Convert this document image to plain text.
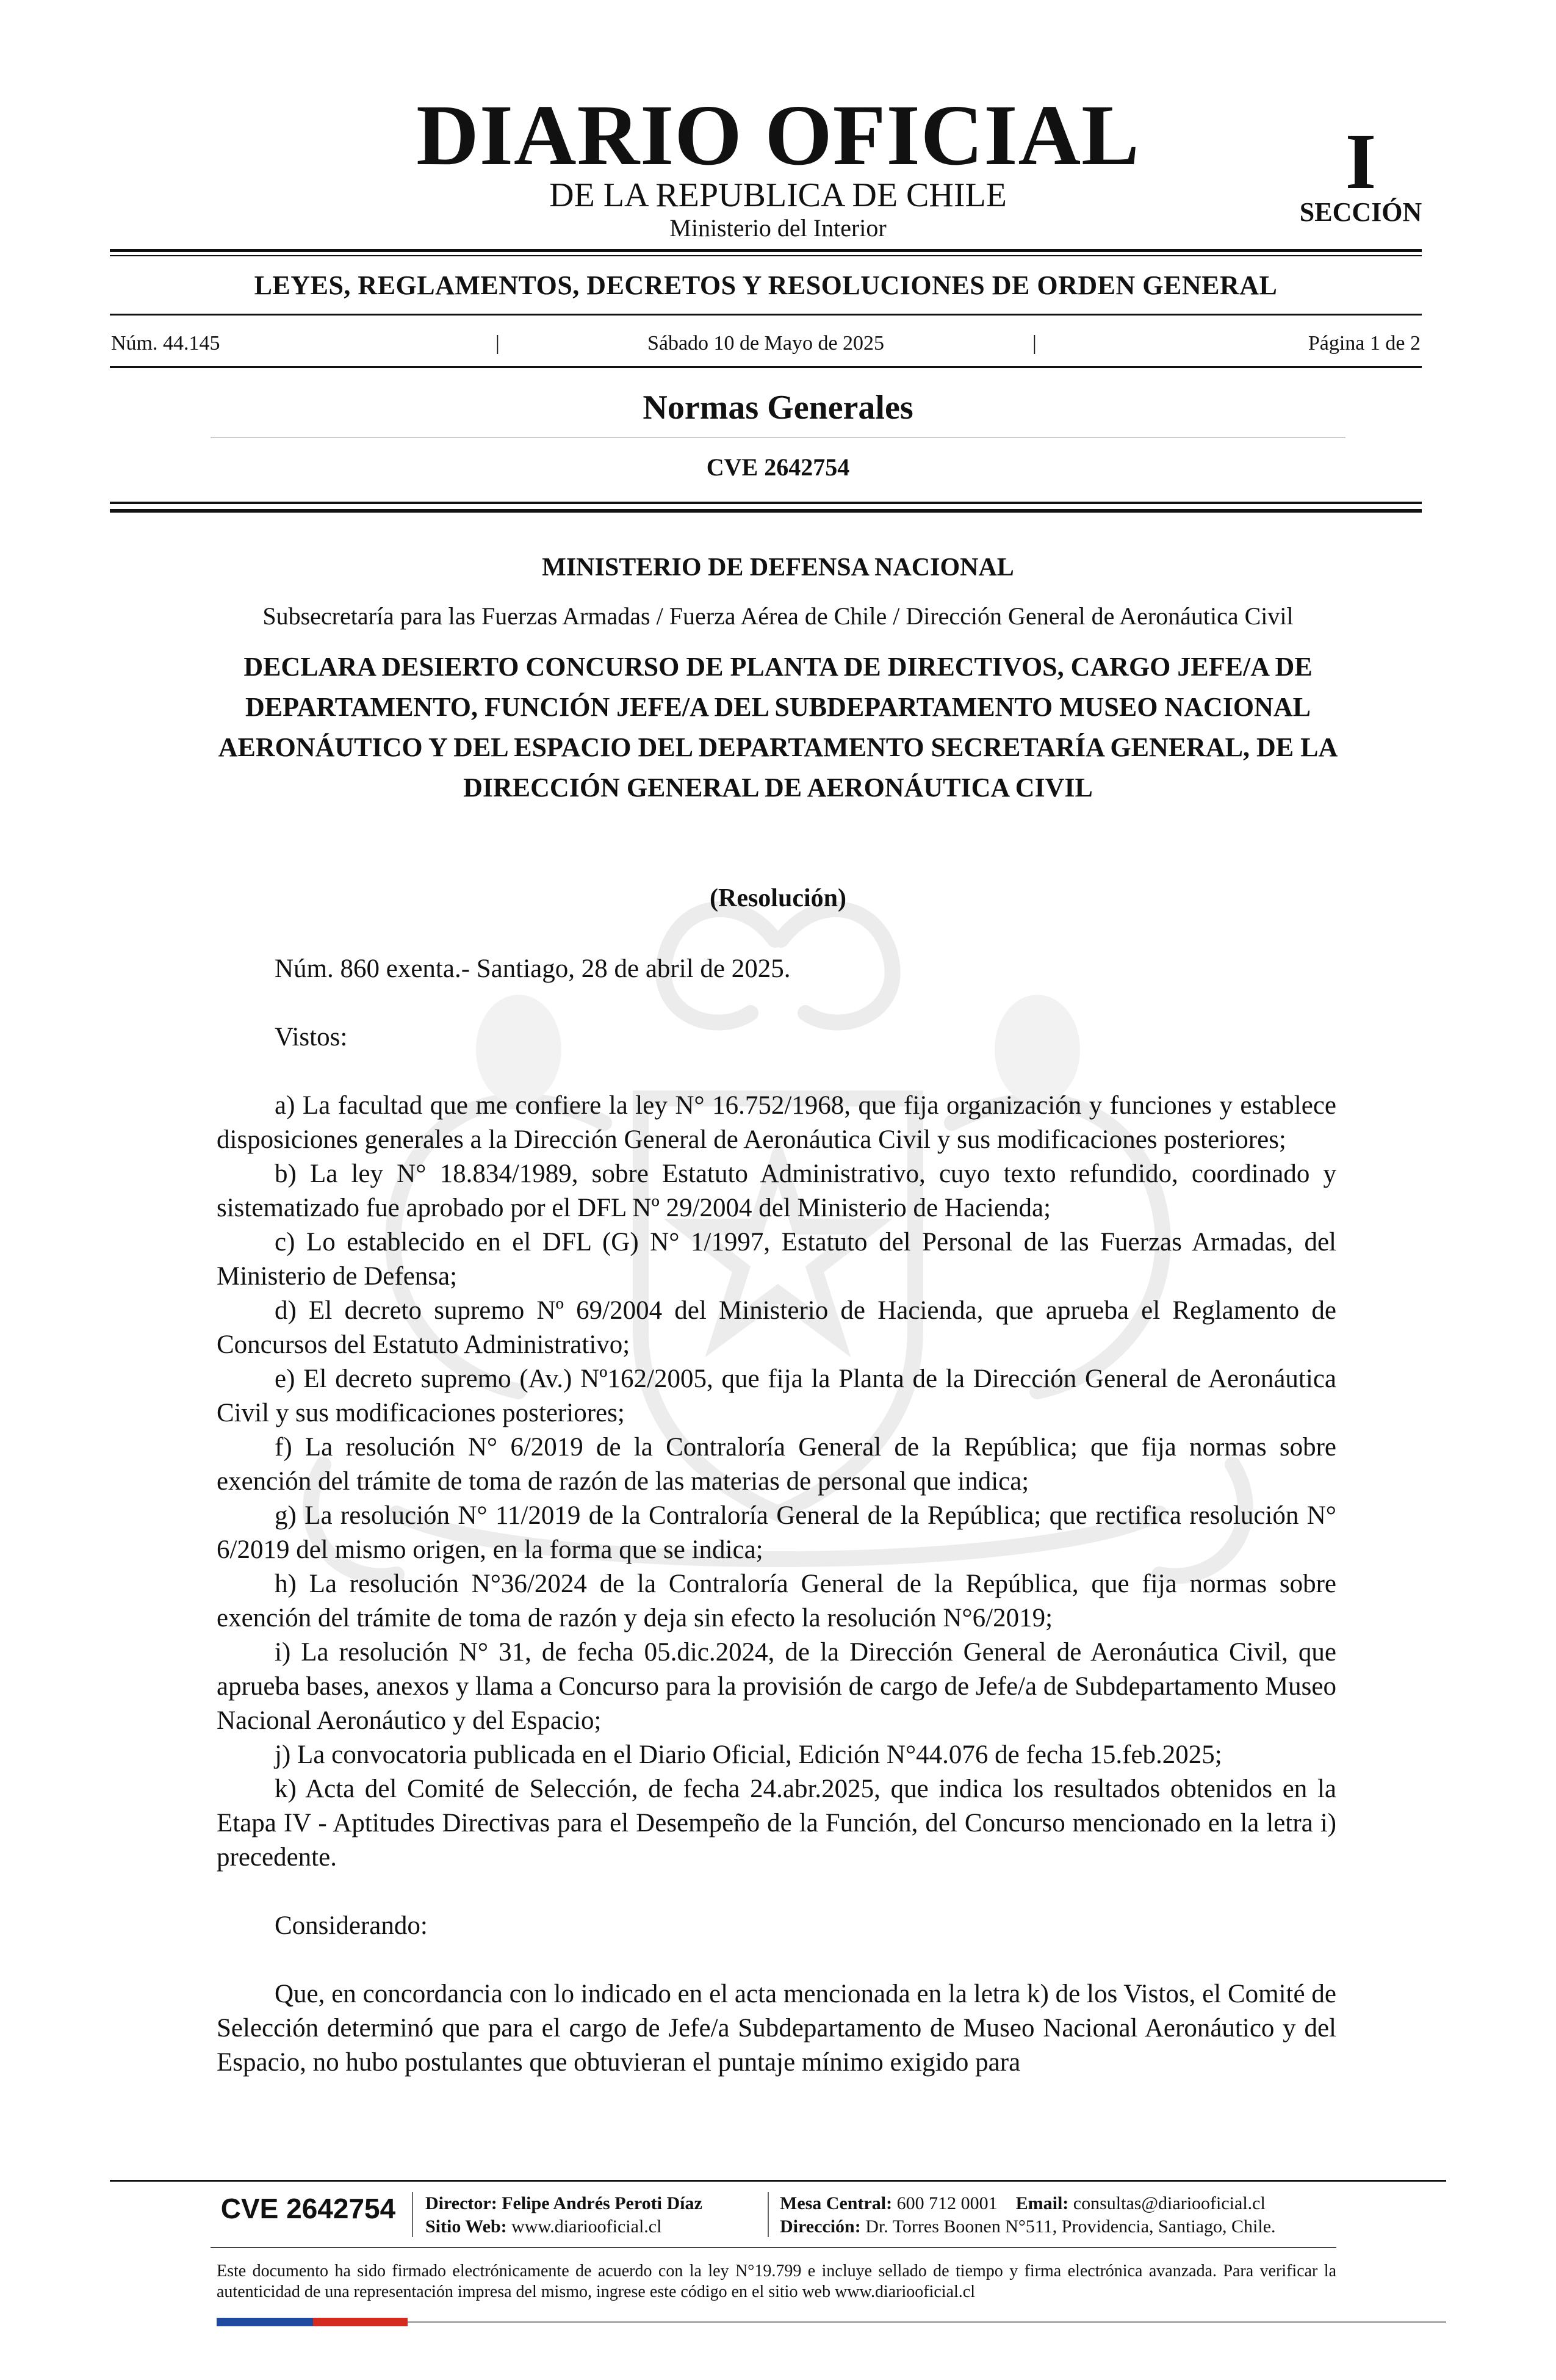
DIARIO OFICIAL
DE LA REPUBLICA DE CHILE
Ministerio del Interior
I
SECCIÓN
LEYES, REGLAMENTOS, DECRETOS Y RESOLUCIONES DE ORDEN GENERAL
Núm. 44.145	|	Sábado 10 de Mayo de 2025	|	Página 1 de 2
Normas Generales
CVE 2642754
MINISTERIO DE DEFENSA NACIONAL
Subsecretaría para las Fuerzas Armadas / Fuerza Aérea de Chile / Dirección General de Aeronáutica Civil
DECLARA DESIERTO CONCURSO DE PLANTA DE DIRECTIVOS, CARGO JEFE/A DE DEPARTAMENTO, FUNCIÓN JEFE/A DEL SUBDEPARTAMENTO MUSEO NACIONAL AERONÁUTICO Y DEL ESPACIO DEL DEPARTAMENTO SECRETARÍA GENERAL, DE LA DIRECCIÓN GENERAL DE AERONÁUTICA CIVIL
(Resolución)

Núm. 860 exenta.- Santiago, 28 de abril de 2025.

Vistos:

a) La facultad que me confiere la ley N° 16.752/1968, que fija organización y funciones y establece disposiciones generales a la Dirección General de Aeronáutica Civil y sus modificaciones posteriores;

b) La ley N° 18.834/1989, sobre Estatuto Administrativo, cuyo texto refundido, coordinado y sistematizado fue aprobado por el DFL Nº 29/2004 del Ministerio de Hacienda;

c) Lo establecido en el DFL (G) N° 1/1997, Estatuto del Personal de las Fuerzas Armadas, del Ministerio de Defensa;

d) El decreto supremo Nº 69/2004 del Ministerio de Hacienda, que aprueba el Reglamento de Concursos del Estatuto Administrativo;

e) El decreto supremo (Av.) Nº162/2005, que fija la Planta de la Dirección General de Aeronáutica Civil y sus modificaciones posteriores;

f) La resolución N° 6/2019 de la Contraloría General de la República; que fija normas sobre exención del trámite de toma de razón de las materias de personal que indica;

g) La resolución N° 11/2019 de la Contraloría General de la República; que rectifica resolución N° 6/2019 del mismo origen, en la forma que se indica;

h) La resolución N°36/2024 de la Contraloría General de la República, que fija normas sobre exención del trámite de toma de razón y deja sin efecto la resolución N°6/2019;

i) La resolución N° 31, de fecha 05.dic.2024, de la Dirección General de Aeronáutica Civil, que aprueba bases, anexos y llama a Concurso para la provisión de cargo de Jefe/a de Subdepartamento Museo Nacional Aeronáutico y del Espacio;

j) La convocatoria publicada en el Diario Oficial, Edición N°44.076 de fecha 15.feb.2025;

k) Acta del Comité de Selección, de fecha 24.abr.2025, que indica los resultados obtenidos en la Etapa IV - Aptitudes Directivas para el Desempeño de la Función, del Concurso mencionado en la letra i) precedente.

Considerando:

Que, en concordancia con lo indicado en el acta mencionada en la letra k) de los Vistos, el Comité de Selección determinó que para el cargo de Jefe/a Subdepartamento de Museo Nacional Aeronáutico y del Espacio, no hubo postulantes que obtuvieran el puntaje mínimo exigido para

CVE 2642754	Director: Felipe Andrés Peroti Díaz
Sitio Web: www.diariooficial.cl
Mesa Central: 600 712 0001 Email: consultas@diariooficial.cl
Dirección: Dr. Torres Boonen N°511, Providencia, Santiago, Chile.
Este documento ha sido firmado electrónicamente de acuerdo con la ley N°19.799 e incluye sellado de tiempo y firma electrónica avanzada. Para verificar la autenticidad de una representación impresa del mismo, ingrese este código en el sitio web www.diariooficial.cl
